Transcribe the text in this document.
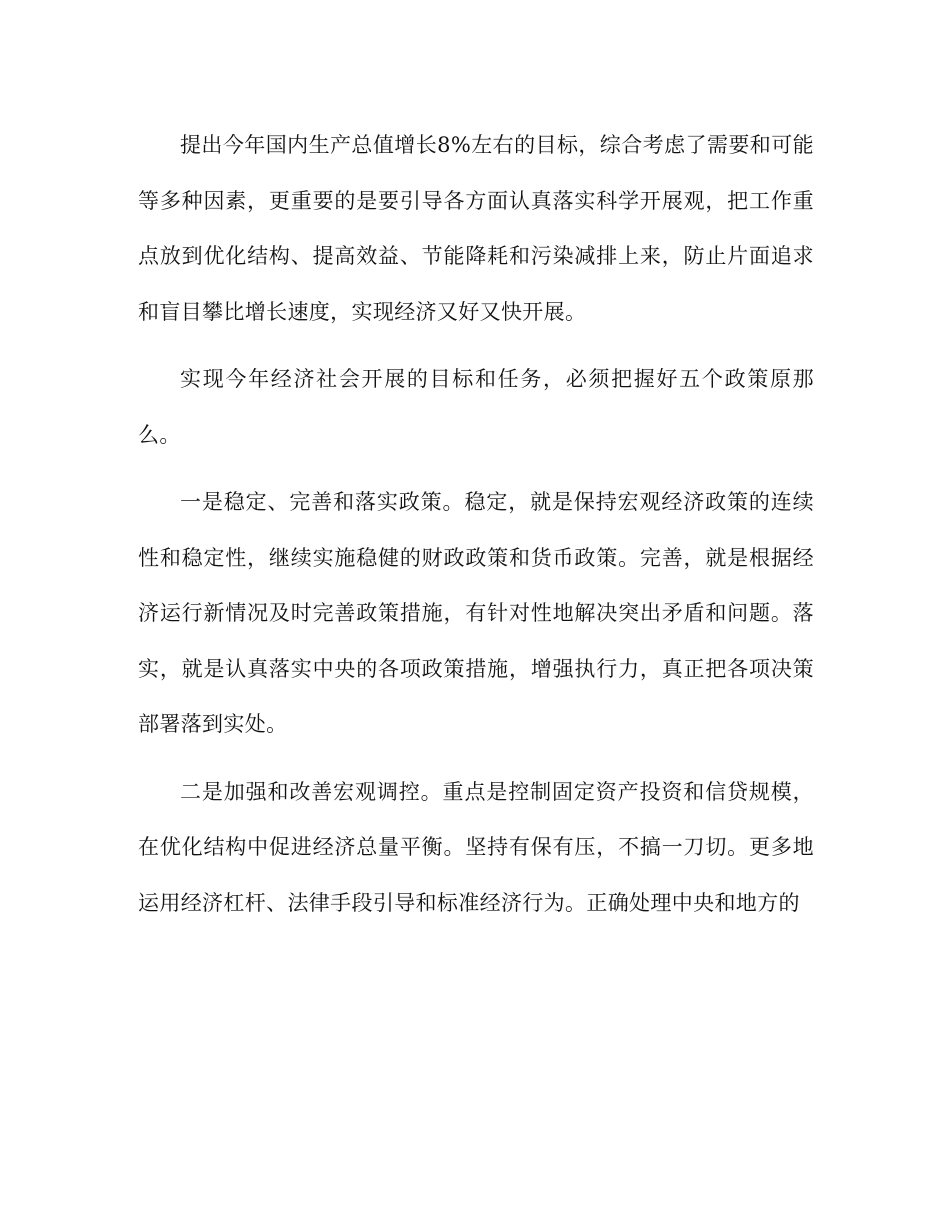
提出今年国内生产总值增长8%左右的目标，综合考虑了需要和可能等多种因素，更重要的是要引导各方面认真落实科学开展观，把工作重点放到优化结构、提高效益、节能降耗和污染减排上来，防止片面追求和盲目攀比增长速度，实现经济又好又快开展。

实现今年经济社会开展的目标和任务，必须把握好五个政策原那么。

一是稳定、完善和落实政策。稳定，就是保持宏观经济政策的连续性和稳定性，继续实施稳健的财政政策和货币政策。完善，就是根据经济运行新情况及时完善政策措施，有针对性地解决突出矛盾和问题。落实，就是认真落实中央的各项政策措施，增强执行力，真正把各项决策部署落到实处。

二是加强和改善宏观调控。重点是控制固定资产投资和信贷规模，在优化结构中促进经济总量平衡。坚持有保有压，不搞一刀切。更多地运用经济杠杆、法律手段引导和标准经济行为。正确处理中央和地方的
